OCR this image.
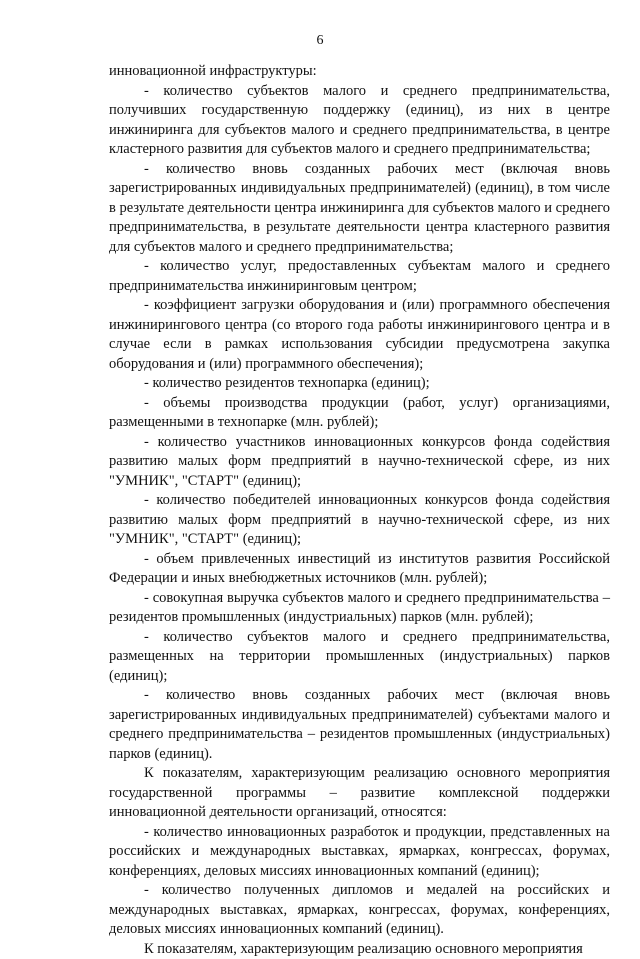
6

инновационной инфраструктуры:

- количество субъектов малого и среднего предпринимательства, получивших государственную поддержку (единиц), из них в центре инжиниринга для субъектов малого и среднего предпринимательства, в центре кластерного развития для субъектов малого и среднего предпринимательства;

- количество вновь созданных рабочих мест (включая вновь зарегистрированных индивидуальных предпринимателей) (единиц), в том числе в результате деятельности центра инжиниринга для субъектов малого и среднего предпринимательства, в результате деятельности центра кластерного развития для субъектов малого и среднего предпринимательства;

- количество услуг, предоставленных субъектам малого и среднего предпринимательства инжиниринговым центром;

- коэффициент загрузки оборудования и (или) программного обеспечения инжинирингового центра (со второго года работы инжинирингового центра и в случае если в рамках использования субсидии предусмотрена закупка оборудования и (или) программного обеспечения);

- количество резидентов технопарка (единиц);

- объемы производства продукции (работ, услуг) организациями, размещенными в технопарке (млн. рублей);

- количество участников инновационных конкурсов фонда содействия развитию малых форм предприятий в научно-технической сфере, из них "УМНИК", "СТАРТ" (единиц);

- количество победителей инновационных конкурсов фонда содействия развитию малых форм предприятий в научно-технической сфере, из них "УМНИК", "СТАРТ" (единиц);

- объем привлеченных инвестиций из институтов развития Российской Федерации и иных внебюджетных источников (млн. рублей);

- совокупная выручка субъектов малого и среднего предпринимательства – резидентов промышленных (индустриальных) парков (млн. рублей);

- количество субъектов малого и среднего предпринимательства, размещенных на территории промышленных (индустриальных) парков (единиц);

- количество вновь созданных рабочих мест (включая вновь зарегистрированных индивидуальных предпринимателей) субъектами малого и среднего предпринимательства – резидентов промышленных (индустриальных) парков (единиц).

К показателям, характеризующим реализацию основного мероприятия государственной программы – развитие комплексной поддержки инновационной деятельности организаций, относятся:

- количество инновационных разработок и продукции, представленных на российских и международных выставках, ярмарках, конгрессах, форумах, конференциях, деловых миссиях инновационных компаний (единиц);

- количество полученных дипломов и медалей на российских и международных выставках, ярмарках, конгрессах, форумах, конференциях, деловых миссиях инновационных компаний (единиц).

К показателям, характеризующим реализацию основного мероприятия
